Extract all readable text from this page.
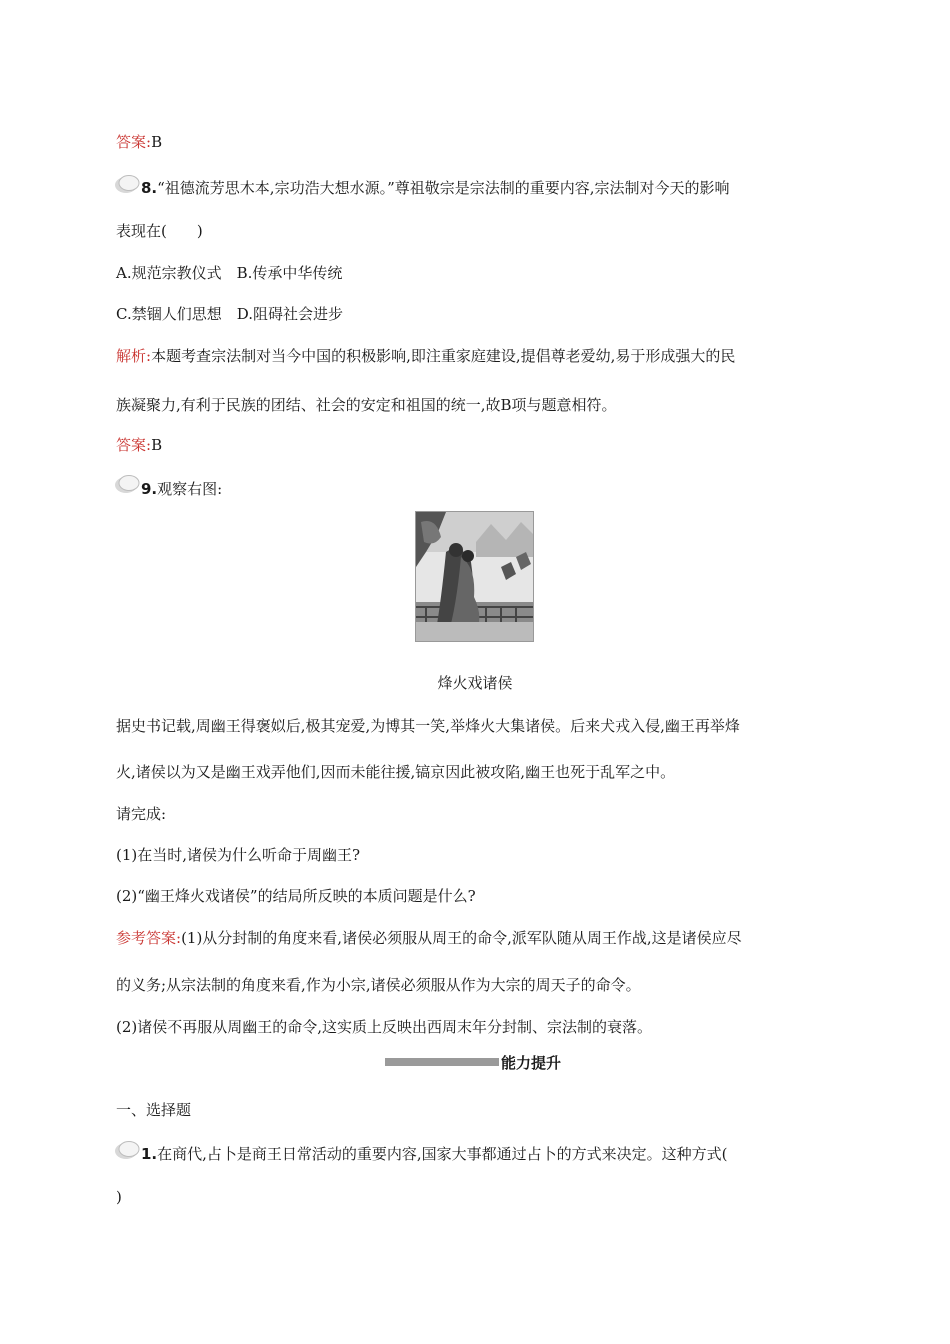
答案:B
8.“祖德流芳思木本,宗功浩大想水源。”尊祖敬宗是宗法制的重要内容,宗法制对今天的影响
表现在(　　)
A.规范宗教仪式　B.传承中华传统
C.禁锢人们思想　D.阻碍社会进步
解析:本题考查宗法制对当今中国的积极影响,即注重家庭建设,提倡尊老爱幼,易于形成强大的民
族凝聚力,有利于民族的团结、社会的安定和祖国的统一,故B项与题意相符。
答案:B
9.观察右图:
烽火戏诸侯
据史书记载,周幽王得褒姒后,极其宠爱,为博其一笑,举烽火大集诸侯。后来犬戎入侵,幽王再举烽
火,诸侯以为又是幽王戏弄他们,因而未能往援,镐京因此被攻陷,幽王也死于乱军之中。
请完成:
(1)在当时,诸侯为什么听命于周幽王?
(2)“幽王烽火戏诸侯”的结局所反映的本质问题是什么?
参考答案:(1)从分封制的角度来看,诸侯必须服从周王的命令,派军队随从周王作战,这是诸侯应尽
的义务;从宗法制的角度来看,作为小宗,诸侯必须服从作为大宗的周天子的命令。
(2)诸侯不再服从周幽王的命令,这实质上反映出西周末年分封制、宗法制的衰落。
能力提升
一、选择题
1.在商代,占卜是商王日常活动的重要内容,国家大事都通过占卜的方式来决定。这种方式(
)
